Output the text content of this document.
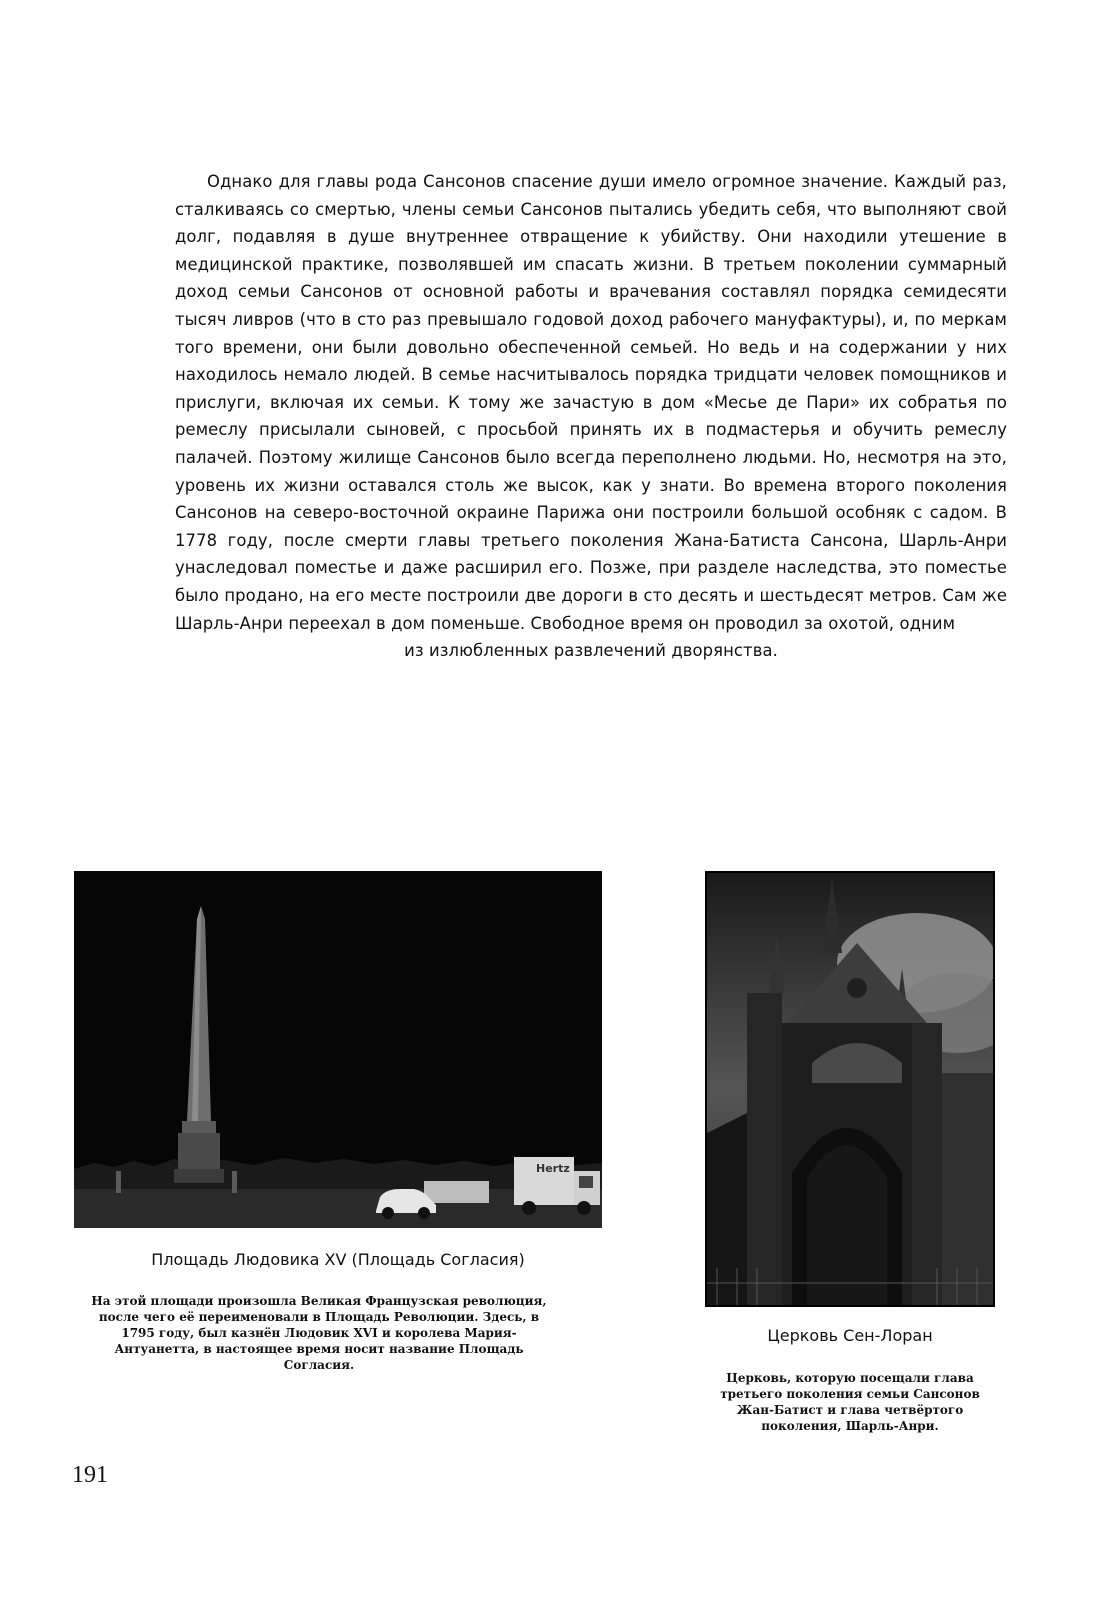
Однако для главы рода Сансонов спасение души имело огромное значение. Каждый раз, сталкиваясь со смертью, члены семьи Сансонов пытались убедить себя, что выполняют свой долг, подавляя в душе внутреннее отвращение к убийству. Они находили утешение в медицинской практике, позволявшей им спасать жизни. В третьем поколении суммарный доход семьи Сансонов от основной работы и врачевания составлял порядка семидесяти тысяч ливров (что в сто раз превышало годовой доход рабочего мануфактуры), и, по меркам того времени, они были довольно обеспеченной семьей. Но ведь и на содержании у них находилось немало людей. В семье насчитывалось порядка тридцати человек помощников и прислуги, включая их семьи. К тому же зачастую в дом «Месье де Пари» их собратья по ремеслу присылали сыновей, с просьбой принять их в подмастерья и обучить ремеслу палачей. Поэтому жилище Сансонов было всегда переполнено людьми. Но, несмотря на это, уровень их жизни оставался столь же высок, как у знати. Во времена второго поколения Сансонов на северо-восточной окраине Парижа они построили большой особняк с садом. В 1778 году, после смерти главы третьего поколения Жана-Батиста Сансона, Шарль-Анри унаследовал поместье и даже расширил его. Позже, при разделе наследства, это поместье было продано, на его месте построили две дороги в сто десять и шестьдесят метров. Сам же Шарль-Анри переехал в дом поменьше. Свободное время он проводил за охотой, одним

из излюбленных развлечений дворянства.
Hertz
Площадь Людовика XV (Площадь Согласия)
На этой площади произошла Великая Французская революция, после чего её переименовали в Площадь Революции. Здесь, в 1795 году, был казнён Людовик XVI и королева Мария-Антуанетта, в настоящее время носит название Площадь Согласия.
Церковь Сен-Лоран
Церковь, которую посещали глава третьего поколения семьи Сансонов Жан-Батист и глава четвёртого поколения, Шарль-Анри.
191
